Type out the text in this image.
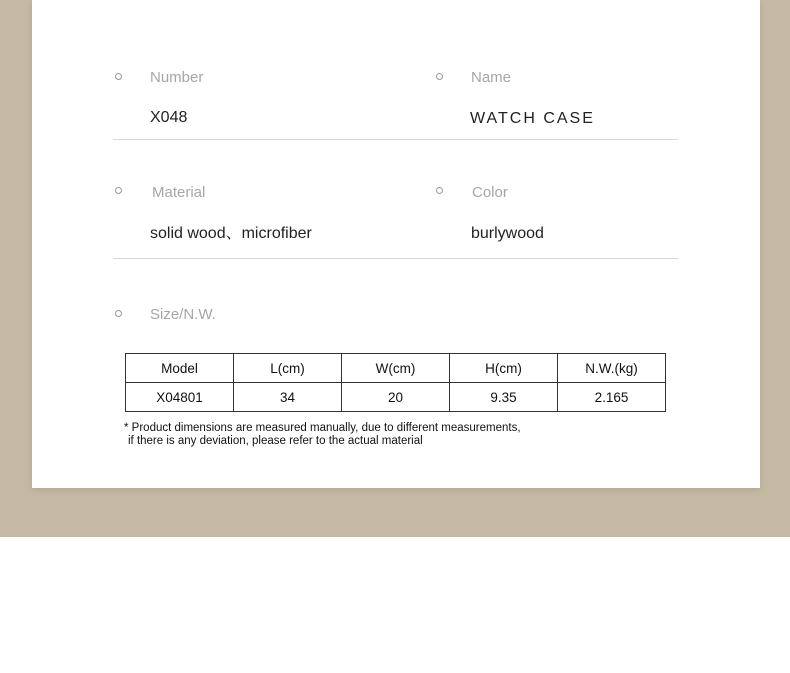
Number
X048
Name
WATCH CASE
Material
solid wood、microfiber
Color
burlywood
Size/N.W.
Model	L(cm)	W(cm)	H(cm)	N.W.(kg)
X04801	34	20	9.35	2.165
* Product dimensions are measured manually, due to different measurements,
if there is any deviation, please refer to the actual material
